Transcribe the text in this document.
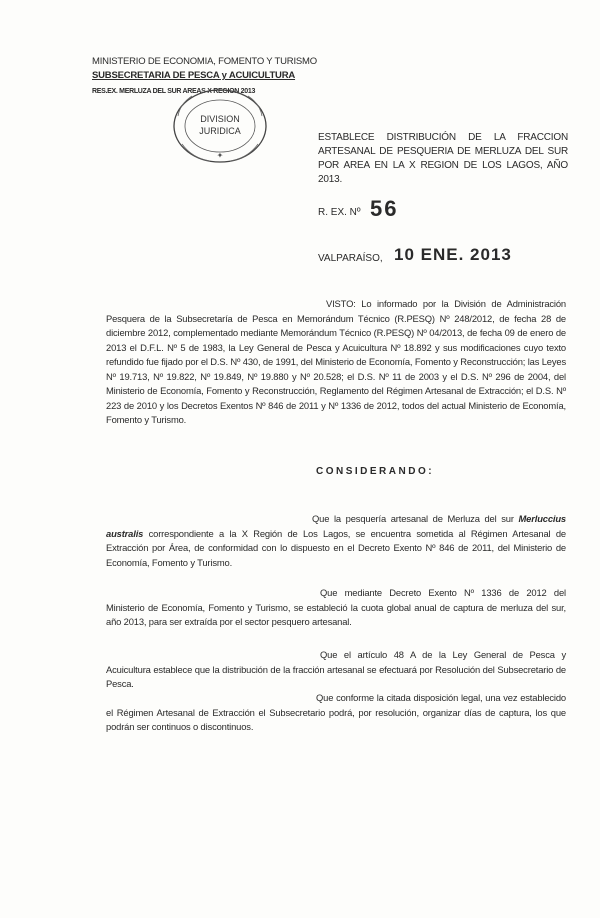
MINISTERIO DE ECONOMIA, FOMENTO Y TURISMO
SUBSECRETARIA DE PESCA y ACUICULTURA
RES.EX. MERLUZA DEL SUR AREAS X REGION 2013
✦
DIVISION
JURIDICA
ESTABLECE DISTRIBUCIÓN DE LA FRACCION ARTESANAL DE PESQUERIA DE MERLUZA DEL SUR POR AREA EN LA X REGION DE LOS LAGOS, AÑO 2013.
R. EX. Nº 56
VALPARAÍSO, 10 ENE. 2013
VISTO: Lo informado por la División de Administración Pesquera de la Subsecretaría de Pesca en Memorándum Técnico (R.PESQ) Nº 248/2012, de fecha 28 de diciembre 2012, complementado mediante Memorándum Técnico (R.PESQ) Nº 04/2013, de fecha 09 de enero de 2013 el D.F.L. Nº 5 de 1983, la Ley General de Pesca y Acuicultura Nº 18.892 y sus modificaciones cuyo texto refundido fue fijado por el D.S. Nº 430, de 1991, del Ministerio de Economía, Fomento y Reconstrucción; las Leyes Nº 19.713, Nº 19.822, Nº 19.849, Nº 19.880 y Nº 20.528; el D.S. Nº 11 de 2003 y el D.S. Nº 296 de 2004, del Ministerio de Economía, Fomento y Reconstrucción, Reglamento del Régimen Artesanal de Extracción; el D.S. Nº 223 de 2010 y los Decretos Exentos Nº 846 de 2011 y Nº 1336 de 2012, todos del actual Ministerio de Economía, Fomento y Turismo.
CONSIDERANDO:
Que la pesquería artesanal de Merluza del sur Merluccius australis correspondiente a la X Región de Los Lagos, se encuentra sometida al Régimen Artesanal de Extracción por Área, de conformidad con lo dispuesto en el Decreto Exento Nº 846 de 2011, del Ministerio de Economía, Fomento y Turismo.
Que mediante Decreto Exento Nº 1336 de 2012 del Ministerio de Economía, Fomento y Turismo, se estableció la cuota global anual de captura de merluza del sur, año 2013, para ser extraída por el sector pesquero artesanal.
Que el artículo 48 A de la Ley General de Pesca y Acuicultura establece que la distribución de la fracción artesanal se efectuará por Resolución del Subsecretario de Pesca.
Que conforme la citada disposición legal, una vez establecido el Régimen Artesanal de Extracción el Subsecretario podrá, por resolución, organizar días de captura, los que podrán ser continuos o discontinuos.
